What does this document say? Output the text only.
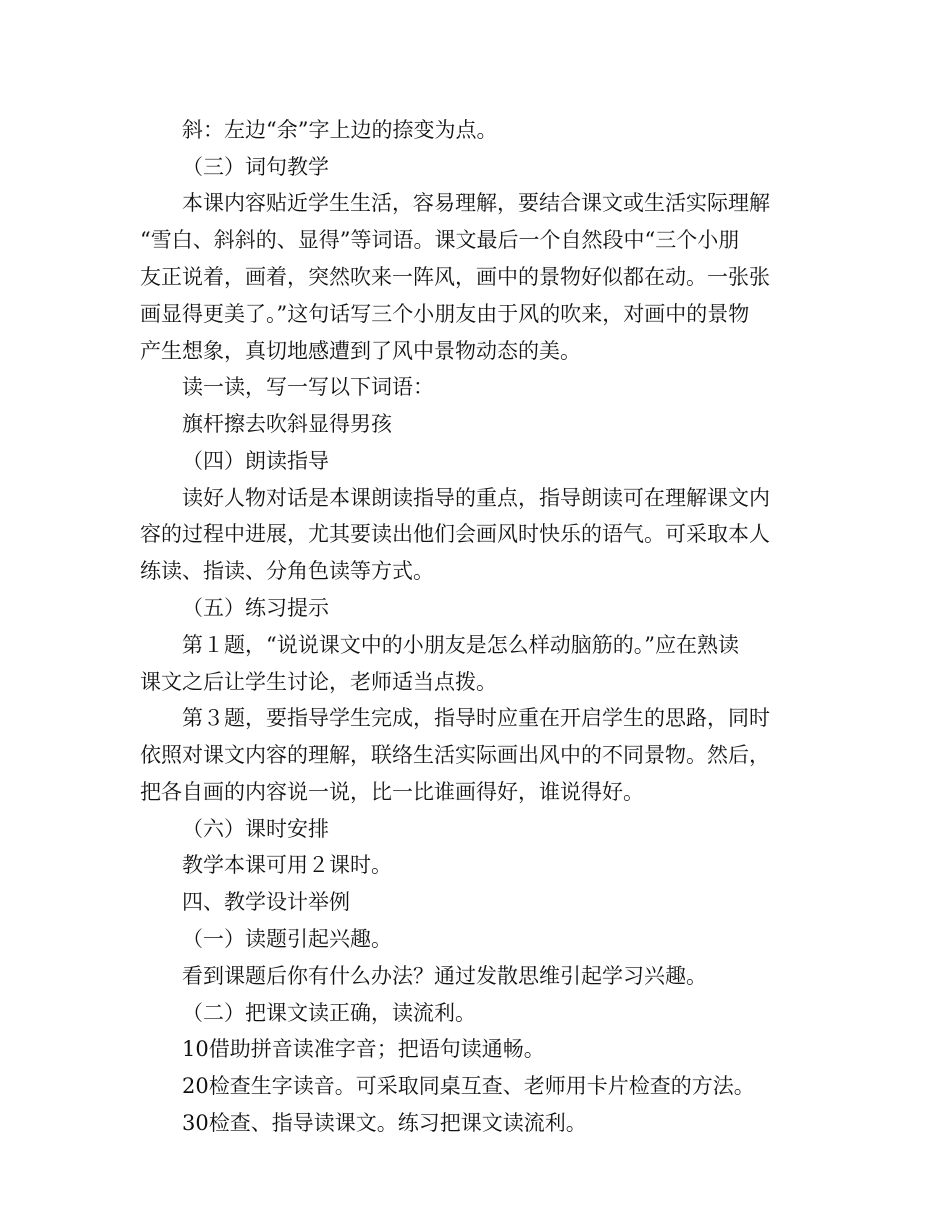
斜：左边“余”字上边的捺变为点。
（三）词句教学
本课内容贴近学生生活，容易理解，要结合课文或生活实际理解
“雪白、斜斜的、显得”等词语。课文最后一个自然段中“三个小朋
友正说着，画着，突然吹来一阵风，画中的景物好似都在动。一张张
画显得更美了。”这句话写三个小朋友由于风的吹来，对画中的景物
产生想象，真切地感遭到了风中景物动态的美。
读一读，写一写以下词语：
旗杆擦去吹斜显得男孩
（四）朗读指导
读好人物对话是本课朗读指导的重点，指导朗读可在理解课文内
容的过程中进展，尤其要读出他们会画风时快乐的语气。可采取本人
练读、指读、分角色读等方式。
（五）练习提示
第１题，“说说课文中的小朋友是怎么样动脑筋的。”应在熟读
课文之后让学生讨论，老师适当点拨。
第３题，要指导学生完成，指导时应重在开启学生的思路，同时
依照对课文内容的理解，联络生活实际画出风中的不同景物。然后，
把各自画的内容说一说，比一比谁画得好，谁说得好。
（六）课时安排
教学本课可用２课时。
四、教学设计举例
（一）读题引起兴趣。
看到课题后你有什么办法？通过发散思维引起学习兴趣。
（二）把课文读正确，读流利。
10借助拼音读准字音；把语句读通畅。
20检查生字读音。可采取同桌互查、老师用卡片检查的方法。
30检查、指导读课文。练习把课文读流利。
